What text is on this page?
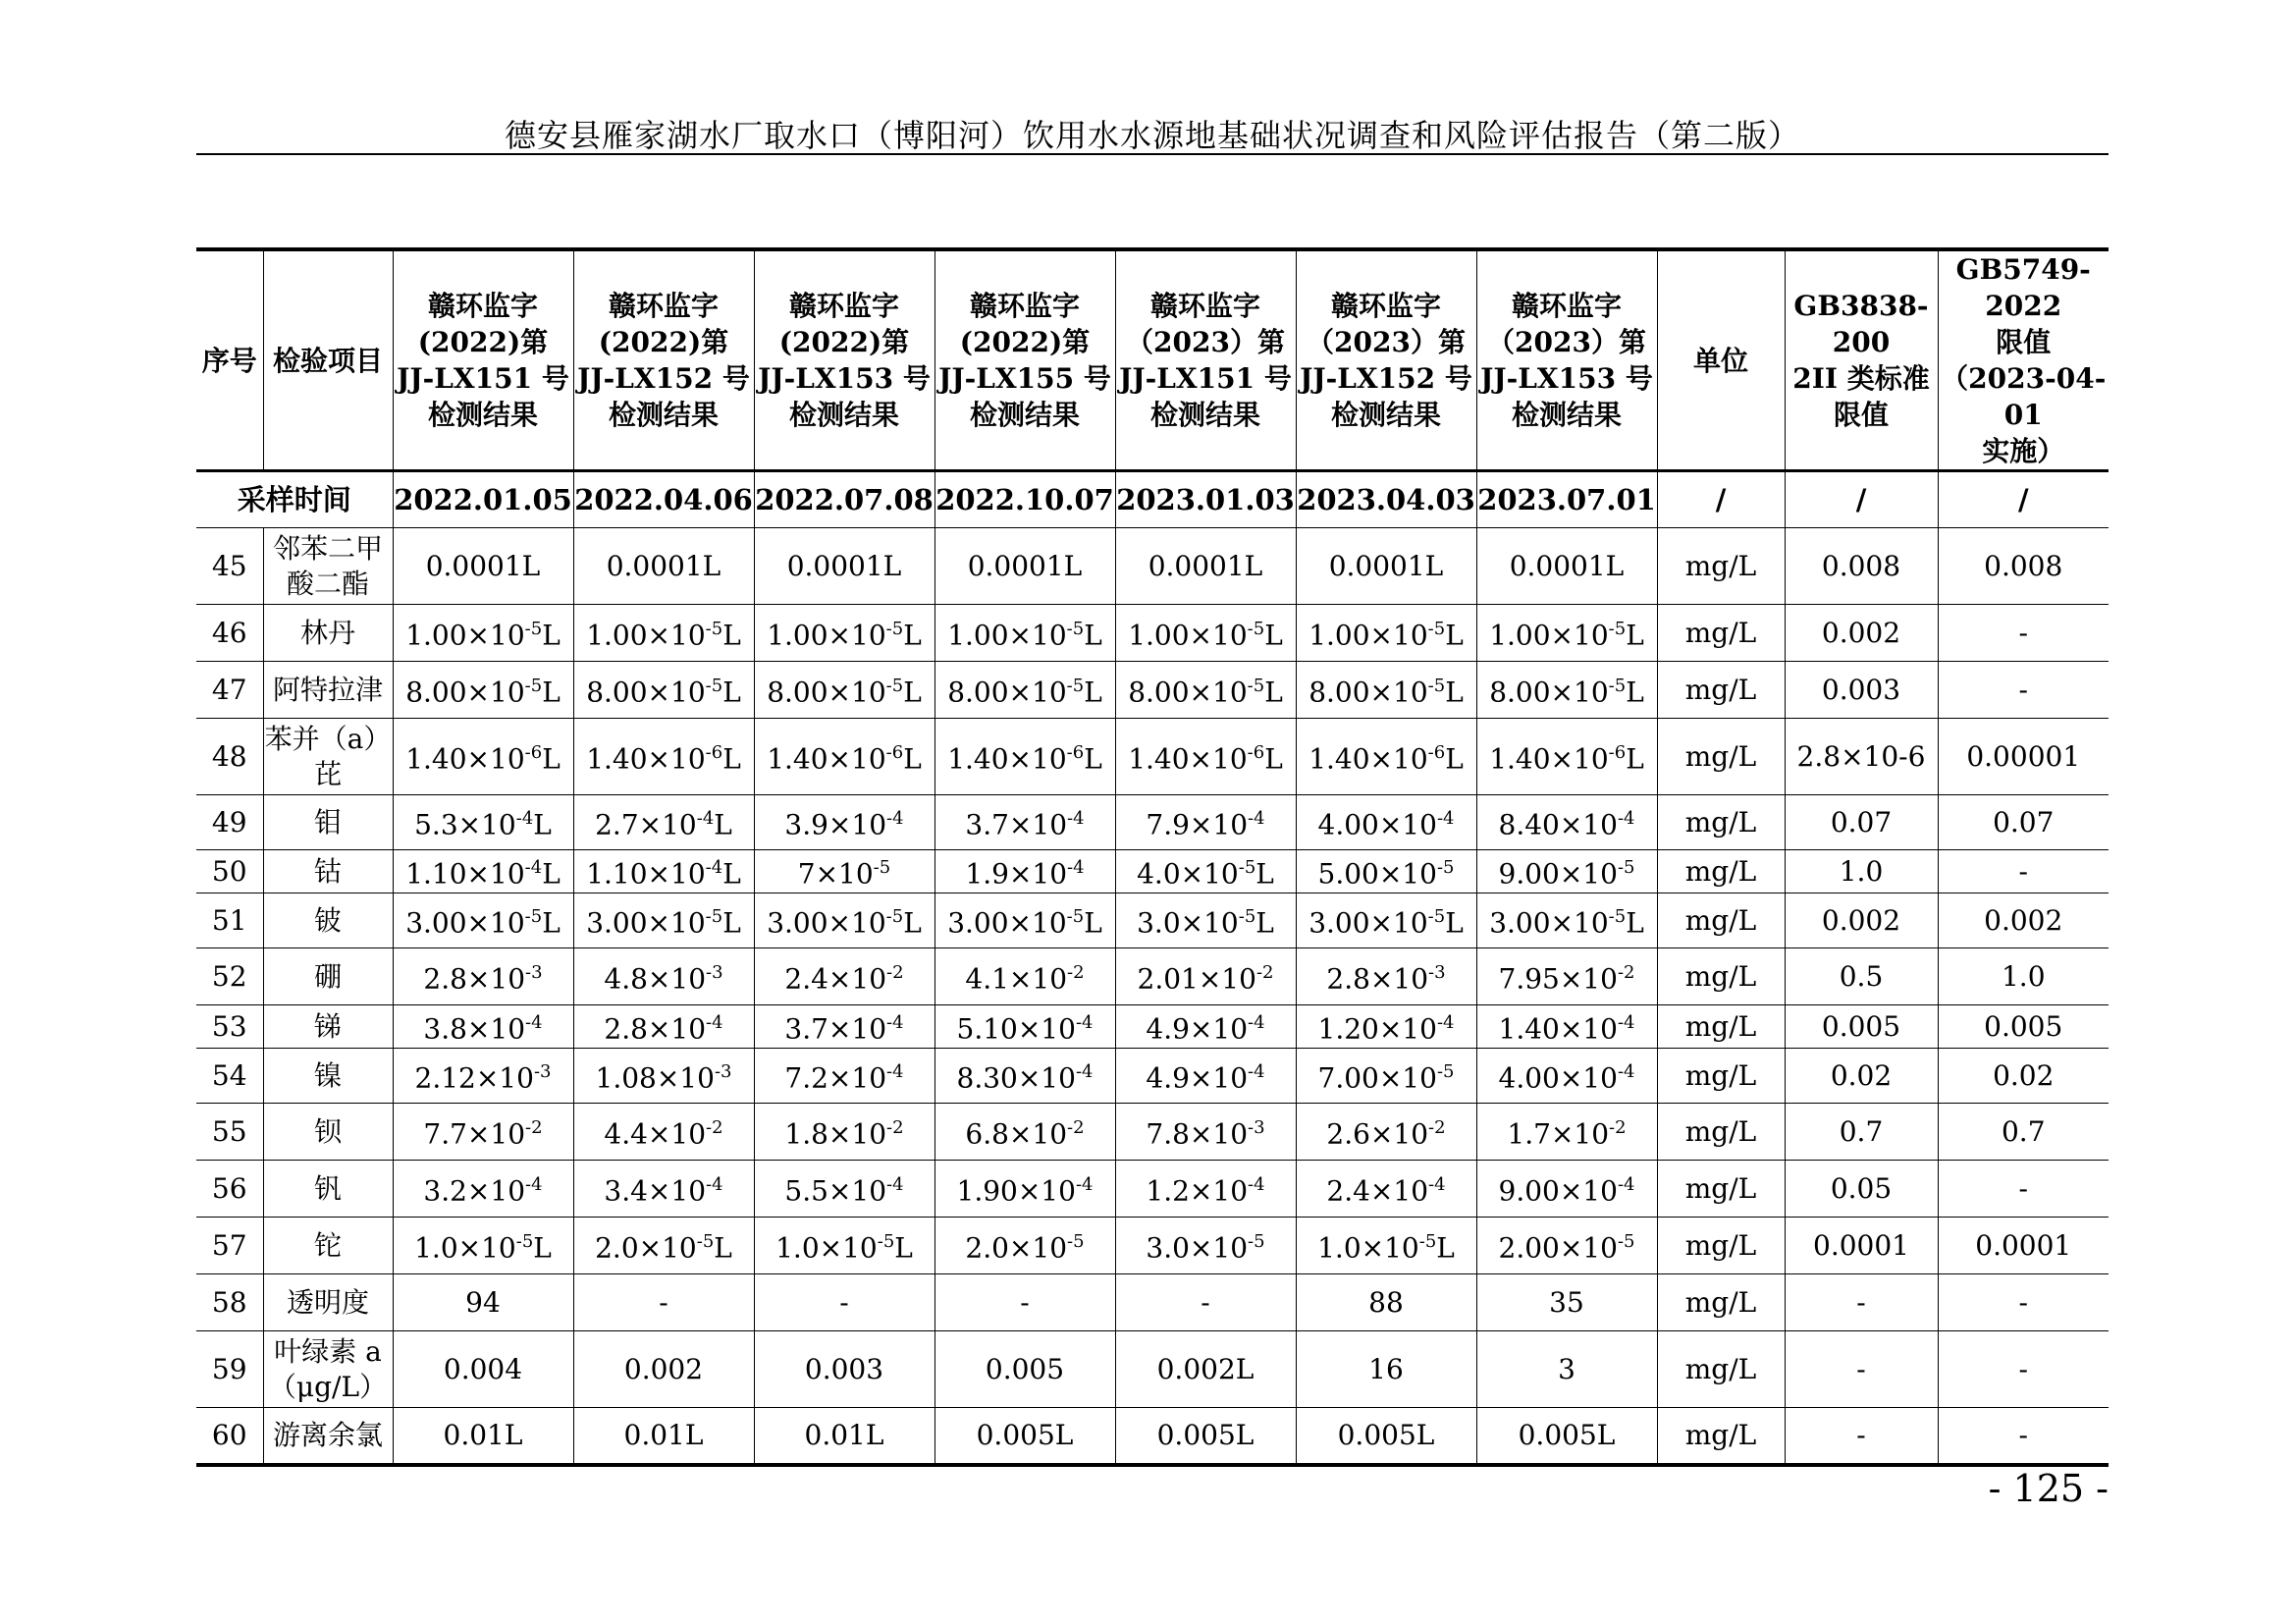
德安县雁家湖水厂取水口（博阳河）饮用水水源地基础状况调查和风险评估报告（第二版）
序号	检验项目	赣环监字
(2022)第
JJ-LX151 号
检测结果	赣环监字
(2022)第
JJ-LX152 号
检测结果	赣环监字
(2022)第
JJ-LX153 号
检测结果	赣环监字
(2022)第
JJ-LX155 号
检测结果	赣环监字
（2023）第
JJ-LX151 号
检测结果	赣环监字
（2023）第
JJ-LX152 号
检测结果	赣环监字
（2023）第
JJ-LX153 号
检测结果	单位	GB3838-200
2II 类标准
限值	GB5749-2022
限值
（2023-04-01
实施）
采样时间		2022.01.05	2022.04.06	2022.07.08	2022.10.07	2023.01.03	2023.04.03	2023.07.01	/	/	/
45	邻苯二甲
酸二酯	0.0001L	0.0001L	0.0001L	0.0001L	0.0001L	0.0001L	0.0001L	mg/L	0.008	0.008
46	林丹	$1.00\times 10^{-5}L$	$1.00\times 10^{-5}L$	$1.00\times 10^{-5}L$	$1.00\times 10^{-5}L$	$1.00\times 10^{-5}L$	$1.00\times 10^{-5}L$	$1.00\times 10^{-5}L$	mg/L	0.002	-
47	阿特拉津	$8.00\times 10^{-5}L$	$8.00\times 10^{-5}L$	$8.00\times 10^{-5}L$	$8.00\times 10^{-5}L$	$8.00\times 10^{-5}L$	$8.00\times 10^{-5}L$	$8.00\times 10^{-5}L$	mg/L	0.003	-
48	苯并（a）
芘	$1.40\times 10^{-6}L$	$1.40\times 10^{-6}L$	$1.40\times 10^{-6}L$	$1.40\times 10^{-6}L$	$1.40\times 10^{-6}L$	$1.40\times 10^{-6}L$	$1.40\times 10^{-6}L$	mg/L	2.8×10-6	0.00001
49	钼	$5.3\times 10^{-4}L$	$2.7\times 10^{-4}L$	$3.9\times 10^{-4}$	$3.7\times 10^{-4}$	$7.9\times 10^{-4}$	$4.00\times 10^{-4}$	$8.40\times 10^{-4}$	mg/L	0.07	0.07
50	钴	$1.10\times 10^{-4}L$	$1.10\times 10^{-4}L$	$7\times 10^{-5}$	$1.9\times 10^{-4}$	$4.0\times 10^{-5}L$	$5.00\times 10^{-5}$	$9.00\times 10^{-5}$	mg/L	1.0	-
51	铍	$3.00\times 10^{-5}L$	$3.00\times 10^{-5}L$	$3.00\times 10^{-5}L$	$3.00\times 10^{-5}L$	$3.0\times 10^{-5}L$	$3.00\times 10^{-5}L$	$3.00\times 10^{-5}L$	mg/L	0.002	0.002
52	硼	$2.8\times 10^{-3}$	$4.8\times 10^{-3}$	$2.4\times 10^{-2}$	$4.1\times 10^{-2}$	$2.01\times 10^{-2}$	$2.8\times 10^{-3}$	$7.95\times 10^{-2}$	mg/L	0.5	1.0
53	锑	$3.8\times 10^{-4}$	$2.8\times 10^{-4}$	$3.7\times 10^{-4}$	$5.10\times 10^{-4}$	$4.9\times 10^{-4}$	$1.20\times 10^{-4}$	$1.40\times 10^{-4}$	mg/L	0.005	0.005
54	镍	$2.12\times 10^{-3}$	$1.08\times 10^{-3}$	$7.2\times 10^{-4}$	$8.30\times 10^{-4}$	$4.9\times 10^{-4}$	$7.00\times 10^{-5}$	$4.00\times 10^{-4}$	mg/L	0.02	0.02
55	钡	$7.7\times 10^{-2}$	$4.4\times 10^{-2}$	$1.8\times 10^{-2}$	$6.8\times 10^{-2}$	$7.8\times 10^{-3}$	$2.6\times 10^{-2}$	$1.7\times 10^{-2}$	mg/L	0.7	0.7
56	钒	$3.2\times 10^{-4}$	$3.4\times 10^{-4}$	$5.5\times 10^{-4}$	$1.90\times 10^{-4}$	$1.2\times 10^{-4}$	$2.4\times 10^{-4}$	$9.00\times 10^{-4}$	mg/L	0.05	-
57	铊	$1.0\times 10^{-5}L$	$2.0\times 10^{-5}L$	$1.0\times 10^{-5}L$	$2.0\times 10^{-5}$	$3.0\times 10^{-5}$	$1.0\times 10^{-5}L$	$2.00\times 10^{-5}$	mg/L	0.0001	0.0001
58	透明度	94	-	-	-	-	88	35	mg/L	-	-
59	叶绿素 a
（μg/L）	0.004	0.002	0.003	0.005	0.002L	16	3	mg/L	-	-
60	游离余氯	0.01L	0.01L	0.01L	0.005L	0.005L	0.005L	0.005L	mg/L	-	-
- 125 -
